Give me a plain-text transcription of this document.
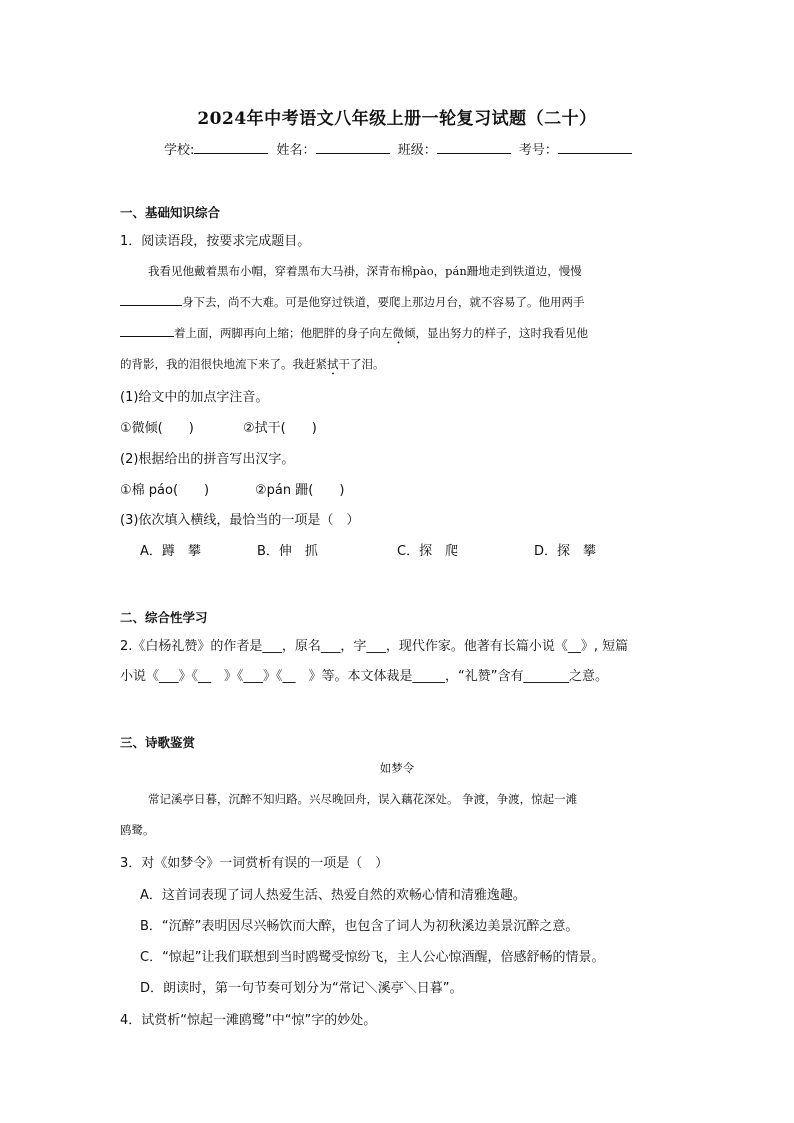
2024年中考语文八年级上册一轮复习试题（二十）
学校:	姓名：	班级：	考号：
一、基础知识综合
1．阅读语段，按要求完成题目。
我看见他戴着黑布小帽，穿着黑布大马褂，深青布棉pào，pán跚地走到铁道边，慢慢
身下去，尚不大难。可是他穿过铁道，要爬上那边月台，就不容易了。他用两手
着上面，两脚再向上缩；他肥胖的身子向左微倾，显出努力的样子，这时我看见他
的背影，我的泪很快地流下来了。我赶紧拭干了泪。
(1)给文中的加点字注音。
①微倾(　　)	②拭干(　　)
(2)根据给出的拼音写出汉字。
①棉 páo(　　)	②pán 跚(　　)
(3)依次填入横线，最恰当的一项是（　）
A．蹲　攀	B．伸　抓	C．探　爬	D．探　攀
二、综合性学习
2.《白杨礼赞》的作者是___，原名___，字___，现代作家。他著有长篇小说《__》, 短篇
小说《___》《__　》《___》《__　》等。本文体裁是_____，“礼赞”含有_______之意。
三、诗歌鉴赏
如梦令
常记溪亭日暮，沉醉不知归路。兴尽晚回舟，误入藕花深处。 争渡，争渡，惊起一滩
鸥鹭。
3．对《如梦令》一词赏析有误的一项是（　）
A．这首词表现了词人热爱生活、热爱自然的欢畅心情和清雅逸趣。
B．“沉醉”表明因尽兴畅饮而大醉，也包含了词人为初秋溪边美景沉醉之意。
C．“惊起”让我们联想到当时鸥鹭受惊纷飞，主人公心惊酒醒，倍感舒畅的情景。
D．朗读时，第一句节奏可划分为“常记＼溪亭＼日暮”。
4．试赏析“惊起一滩鸥鹭”中“惊”字的妙处。
